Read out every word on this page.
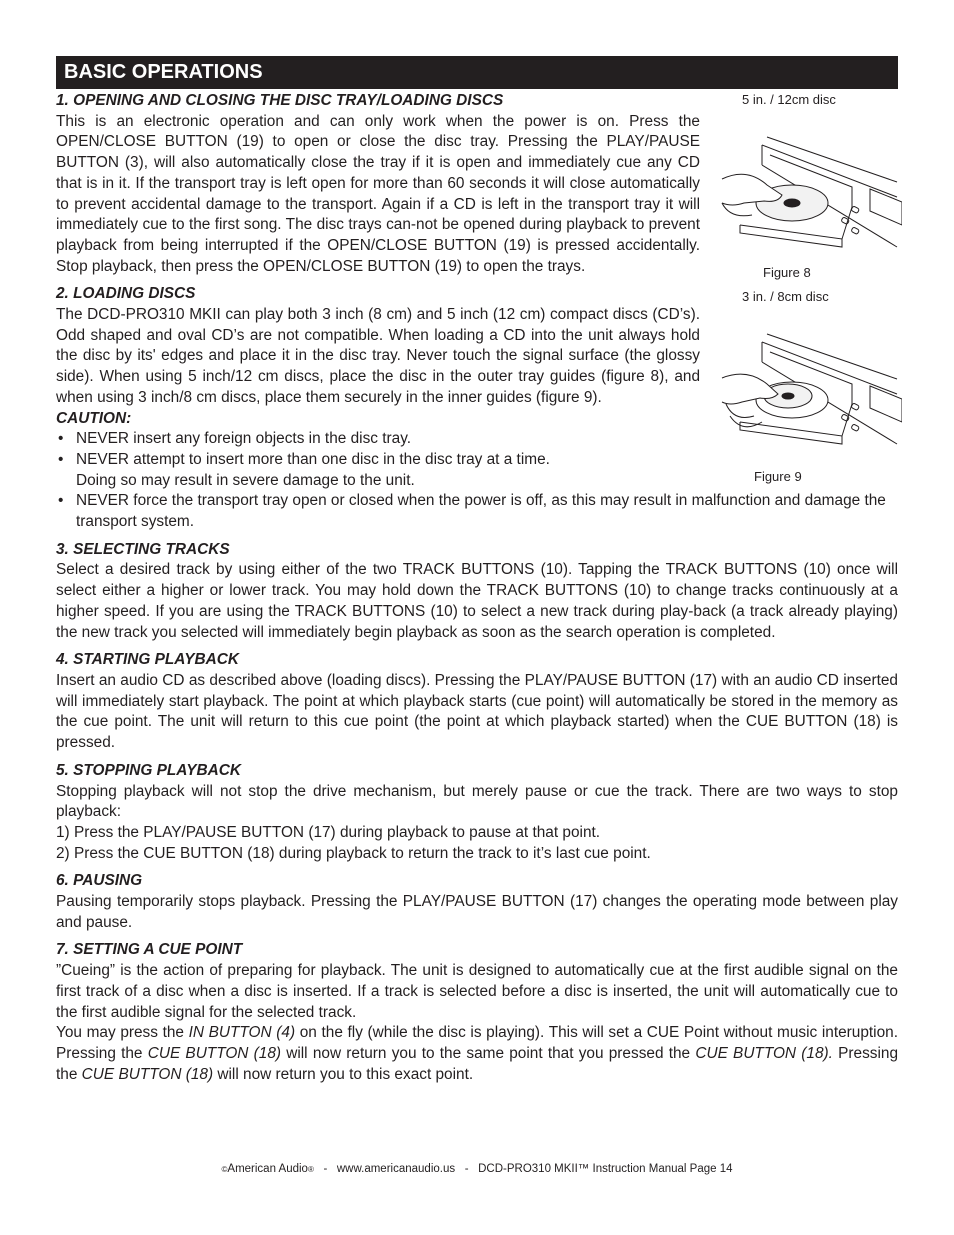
BASIC OPERATIONS
1. OPENING AND CLOSING THE DISC TRAY/LOADING DISCS

This is an electronic operation and can only work when the power is on. Press the OPEN/CLOSE BUTTON (19) to open or close the disc tray. Pressing the PLAY/PAUSE BUTTON (3), will also automatically close the tray if it is open and immediately cue any CD that is in it. If the transport tray is left open for more than 60 seconds it will close automatically to prevent accidental damage to the transport. Again if a CD is left in the transport tray it will immediately cue to the first song. The disc trays can-not be opened during playback to prevent playback from being interrupted if the OPEN/CLOSE BUTTON (19) is pressed accidentally. Stop playback, then press the OPEN/CLOSE BUTTON (19) to open the trays.

2. LOADING DISCS

The DCD-PRO310 MKII can play both 3 inch (8 cm) and 5 inch (12 cm) compact discs (CD’s). Odd shaped and oval CD’s are not compatible. When loading a CD into the unit always hold the disc by its' edges and place it in the disc tray. Never touch the signal surface (the glossy side). When using 5 inch/12 cm discs, place the disc in the outer tray guides (figure 8), and when using 3 inch/8 cm discs, place them securely in the inner guides (figure 9).

CAUTION:
• NEVER insert any foreign objects in the disc tray.
• NEVER attempt to insert more than one disc in the disc tray at a time.
Doing so may result in severe damage to the unit.
• NEVER force the transport tray open or closed when the power is off, as this may result in malfunction and damage the transport system.
3. SELECTING TRACKS

Select a desired track by using either of the two TRACK BUTTONS (10). Tapping the TRACK BUTTONS (10) once will select either a higher or lower track. You may hold down the TRACK BUTTONS (10) to change tracks continuously at a higher speed. If you are using the TRACK BUTTONS (10) to select a new track during play-back (a track already playing) the new track you selected will immediately begin playback as soon as the search operation is completed.

4. STARTING PLAYBACK

Insert an audio CD as described above (loading discs). Pressing the PLAY/PAUSE BUTTON (17) with an audio CD inserted will immediately start playback. The point at which playback starts (cue point) will automatically be stored in the memory as the cue point. The unit will return to this cue point (the point at which playback started) when the CUE BUTTON (18) is pressed.

5. STOPPING PLAYBACK

Stopping playback will not stop the drive mechanism, but merely pause or cue the track. There are two ways to stop playback:

1) Press the PLAY/PAUSE BUTTON (17) during playback to pause at that point.
2) Press the CUE BUTTON (18) during playback to return the track to it’s last cue point.
6. PAUSING

Pausing temporarily stops playback. Pressing the PLAY/PAUSE BUTTON (17) changes the operating mode between play and pause.

7. SETTING A CUE POINT

”Cueing” is the action of preparing for playback. The unit is designed to automatically cue at the first audible signal on the first track of a disc when a disc is inserted. If a track is selected before a disc is inserted, the unit will automatically cue to the first audible signal for the selected track.

You may press the IN BUTTON (4) on the fly (while the disc is playing). This will set a CUE Point without music interuption. Pressing the CUE BUTTON (18) will now return you to the same point that you pressed the CUE BUTTON (18). Pressing the CUE BUTTON (18) will now return you to this exact point.

5 in. / 12cm disc
Figure 8
3 in. / 8cm disc
Figure 9
©American Audio®   -   www.americanaudio.us   -   DCD-PRO310 MKII™ Instruction Manual Page 14
